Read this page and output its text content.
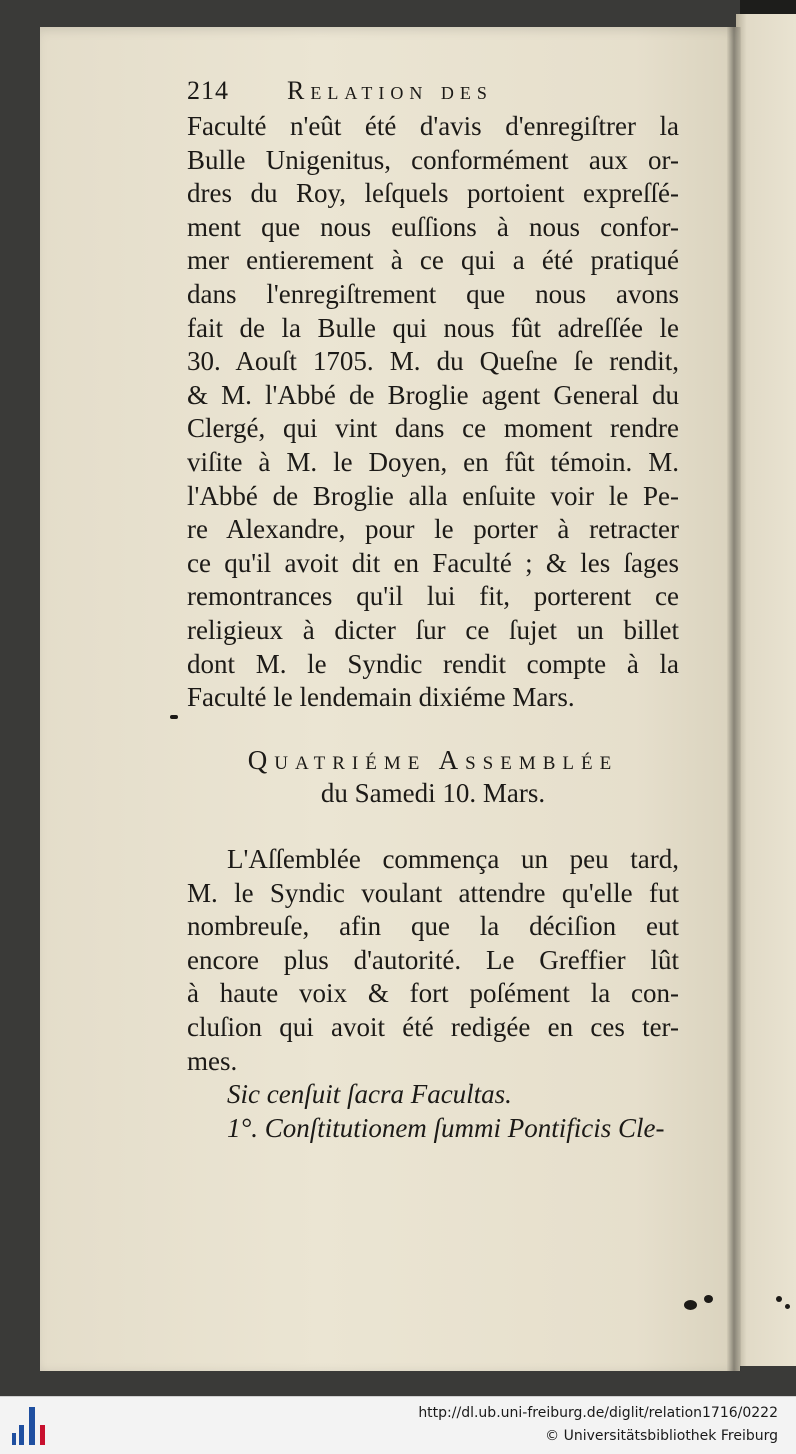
214 Relation des
Faculté n'eût été d'avis d'enregiſtrer la
Bulle Unigenitus, conformément aux or-
dres du Roy, leſquels portoient expreſſé-
ment que nous euſſions à nous confor-
mer entierement à ce qui a été pratiqué
dans l'enregiſtrement que nous avons
fait de la Bulle qui nous fût adreſſée le
30. Aouſt 1705. M. du Queſne ſe rendit,
& M. l'Abbé de Broglie agent General du
Clergé, qui vint dans ce moment rendre
viſite à M. le Doyen, en fût témoin. M.
l'Abbé de Broglie alla enſuite voir le Pe-
re Alexandre, pour le porter à retracter
ce qu'il avoit dit en Faculté ; & les ſages
remontrances qu'il lui fit, porterent ce
religieux à dicter ſur ce ſujet un billet
dont M. le Syndic rendit compte à la
Faculté le lendemain dixiéme Mars.
Quatriéme Aſſemblée
du Samedi 10. Mars.
L'Aſſemblée commença un peu tard,
M. le Syndic voulant attendre qu'elle fut
nombreuſe, afin que la déciſion eut
encore plus d'autorité. Le Greffier lût
à haute voix & fort poſément la con-
cluſion qui avoit été redigée en ces ter-
mes.
Sic cenſuit ſacra Facultas.
1°. Conſtitutionem ſummi Pontificis Cle-
http://dl.ub.uni-freiburg.de/diglit/relation1716/0222
© Universitätsbibliothek Freiburg
